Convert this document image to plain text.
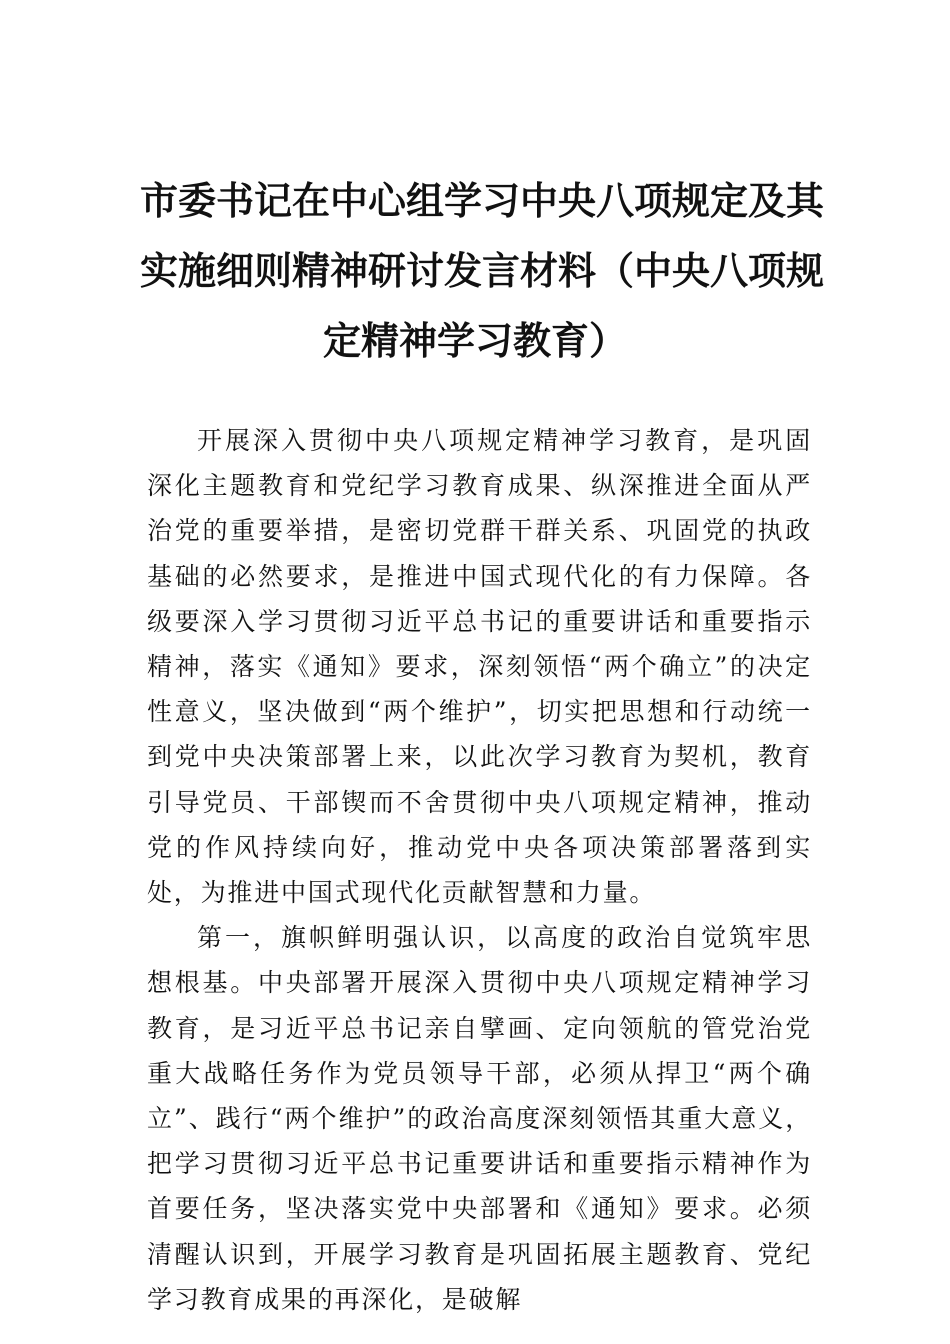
市委书记在中心组学习中央八项规定及其
实施细则精神研讨发言材料（中央八项规
定精神学习教育）

开展深入贯彻中央八项规定精神学习教育，是巩固深化主题教育和党纪学习教育成果、纵深推进全面从严治党的重要举措，是密切党群干群关系、巩固党的执政基础的必然要求，是推进中国式现代化的有力保障。各级要深入学习贯彻习近平总书记的重要讲话和重要指示精神，落实《通知》要求，深刻领悟“两个确立”的决定性意义，坚决做到“两个维护”，切实把思想和行动统一到党中央决策部署上来，以此次学习教育为契机，教育引导党员、干部锲而不舍贯彻中央八项规定精神，推动党的作风持续向好，推动党中央各项决策部署落到实处，为推进中国式现代化贡献智慧和力量。

第一，旗帜鲜明强认识，以高度的政治自觉筑牢思想根基。中央部署开展深入贯彻中央八项规定精神学习教育，是习近平总书记亲自擘画、定向领航的管党治党重大战略任务作为党员领导干部，必须从捍卫“两个确立”、践行“两个维护”的政治高度深刻领悟其重大意义，把学习贯彻习近平总书记重要讲话和重要指示精神作为首要任务，坚决落实党中央部署和《通知》要求。必须清醒认识到，开展学习教育是巩固拓展主题教育、党纪学习教育成果的再深化，是破解
